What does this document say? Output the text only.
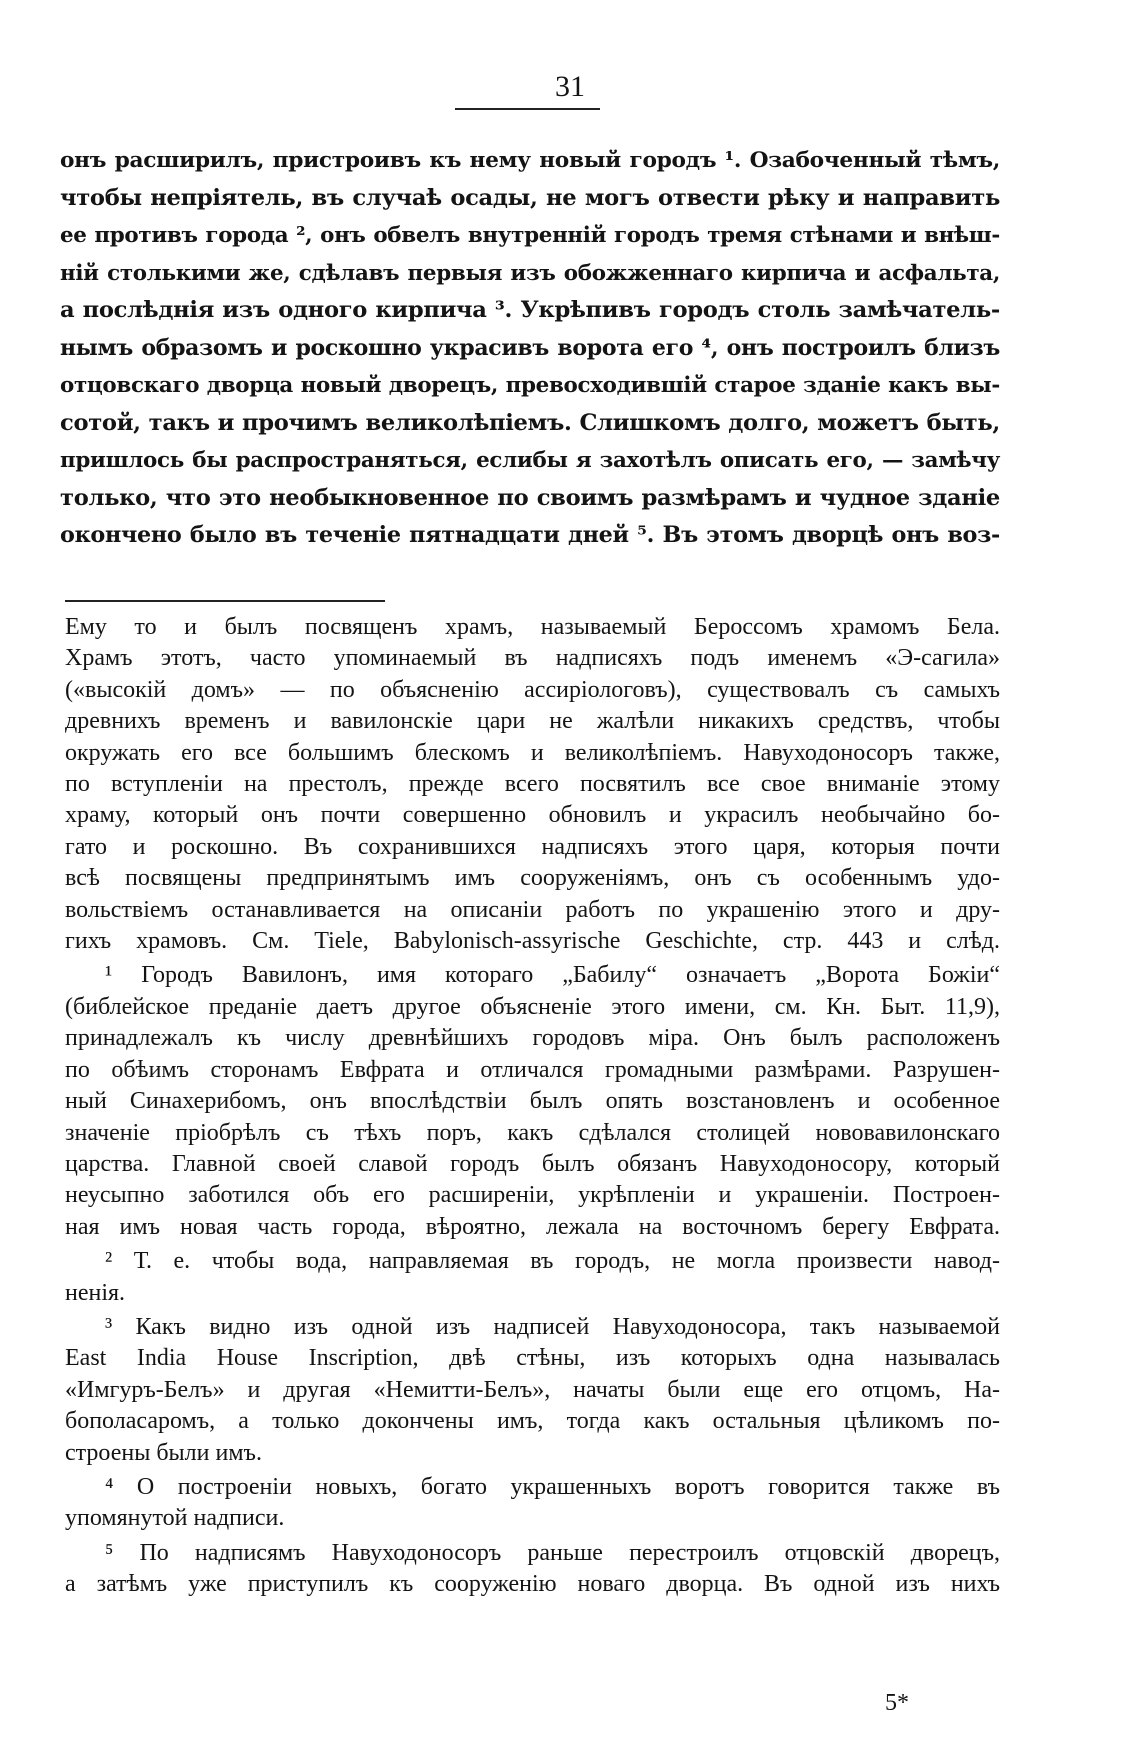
31
онъ расширилъ, пристроивъ къ нему новый городъ ¹. Озабоченный тѣмъ,
чтобы непріятель, въ случаѣ осады, не могъ отвести рѣку и направить
ее противъ города ², онъ обвелъ внутренній городъ тремя стѣнами и внѣш-
ній столькими же, сдѣлавъ первыя изъ обожженнаго кирпича и асфальта,
а послѣднія изъ одного кирпича ³. Укрѣпивъ городъ столь замѣчатель-
нымъ образомъ и роскошно украсивъ ворота его ⁴, онъ построилъ близъ
отцовскаго дворца новый дворецъ, превосходившій старое зданіе какъ вы-
сотой, такъ и прочимъ великолѣпіемъ. Слишкомъ долго, можетъ быть,
пришлось бы распространяться, еслибы я захотѣлъ описать его, — замѣчу
только, что это необыкновенное по своимъ размѣрамъ и чудное зданіе
окончено было въ теченіе пятнадцати дней ⁵. Въ этомъ дворцѣ онъ воз-
Ему то и былъ посвященъ храмъ, называемый Берoссомъ храмомъ Бела.
Храмъ этотъ, часто упоминаемый въ надписяхъ подъ именемъ «Э-сагила»
(«высокій домъ» — по объясненію ассиріологовъ), существовалъ съ самыхъ
древнихъ временъ и вавилонскіе цари не жалѣли никакихъ средствъ, чтобы
окружать его все большимъ блескомъ и великолѣпіемъ. Навуходоносоръ также,
по вступленіи на престолъ, прежде всего посвятилъ все свое вниманіе этому
храму, который онъ почти совершенно обновилъ и украсилъ необычайно бо-
гато и роскошно. Въ сохранившихся надписяхъ этого царя, которыя почти
всѣ посвящены предпринятымъ имъ сооруженіямъ, онъ съ особеннымъ удо-
вольствіемъ останавливается на описаніи работъ по украшенію этого и дру-
гихъ храмовъ. См. Tiele, Babylonisch-assyrische Geschichte, стр. 443 и слѣд.
¹ Городъ Вавилонъ, имя котораго „Бабилу“ означаетъ „Ворота Божіи“
(библейское преданіе даетъ другое объясненіе этого имени, см. Кн. Быт. 11,9),
принадлежалъ къ числу древнѣйшихъ городовъ міра. Онъ былъ расположенъ
по обѣимъ сторонамъ Евфрата и отличался громадными размѣрами. Разрушен-
ный Синахерибомъ, онъ впослѣдствіи былъ опять возстановленъ и особенное
значеніе пріобрѣлъ съ тѣхъ поръ, какъ сдѣлался столицей нововавилонскаго
царства. Главной своей славой городъ былъ обязанъ Навуходоносору, который
неусыпно заботился объ его расширеніи, укрѣпленіи и украшеніи. Построен-
ная имъ новая часть города, вѣроятно, лежала на восточномъ берегу Евфрата.
² Т. е. чтобы вода, направляемая въ городъ, не могла произвести навод-
ненія.
³ Какъ видно изъ одной изъ надписей Навуходоносора, такъ называемой
East India House Inscription, двѣ стѣны, изъ которыхъ одна называлась
«Имгуръ-Белъ» и другая «Немитти-Белъ», начаты были еще его отцомъ, На-
бополасаромъ, а только докончены имъ, тогда какъ остальныя цѣликомъ по-
строены были имъ.
⁴ О построеніи новыхъ, богато украшенныхъ воротъ говорится также въ
упомянутой надписи.
⁵ По надписямъ Навуходоносоръ раньше перестроилъ отцовскій дворецъ,
а затѣмъ уже приступилъ къ сооруженію новаго дворца. Въ одной изъ нихъ
5*
